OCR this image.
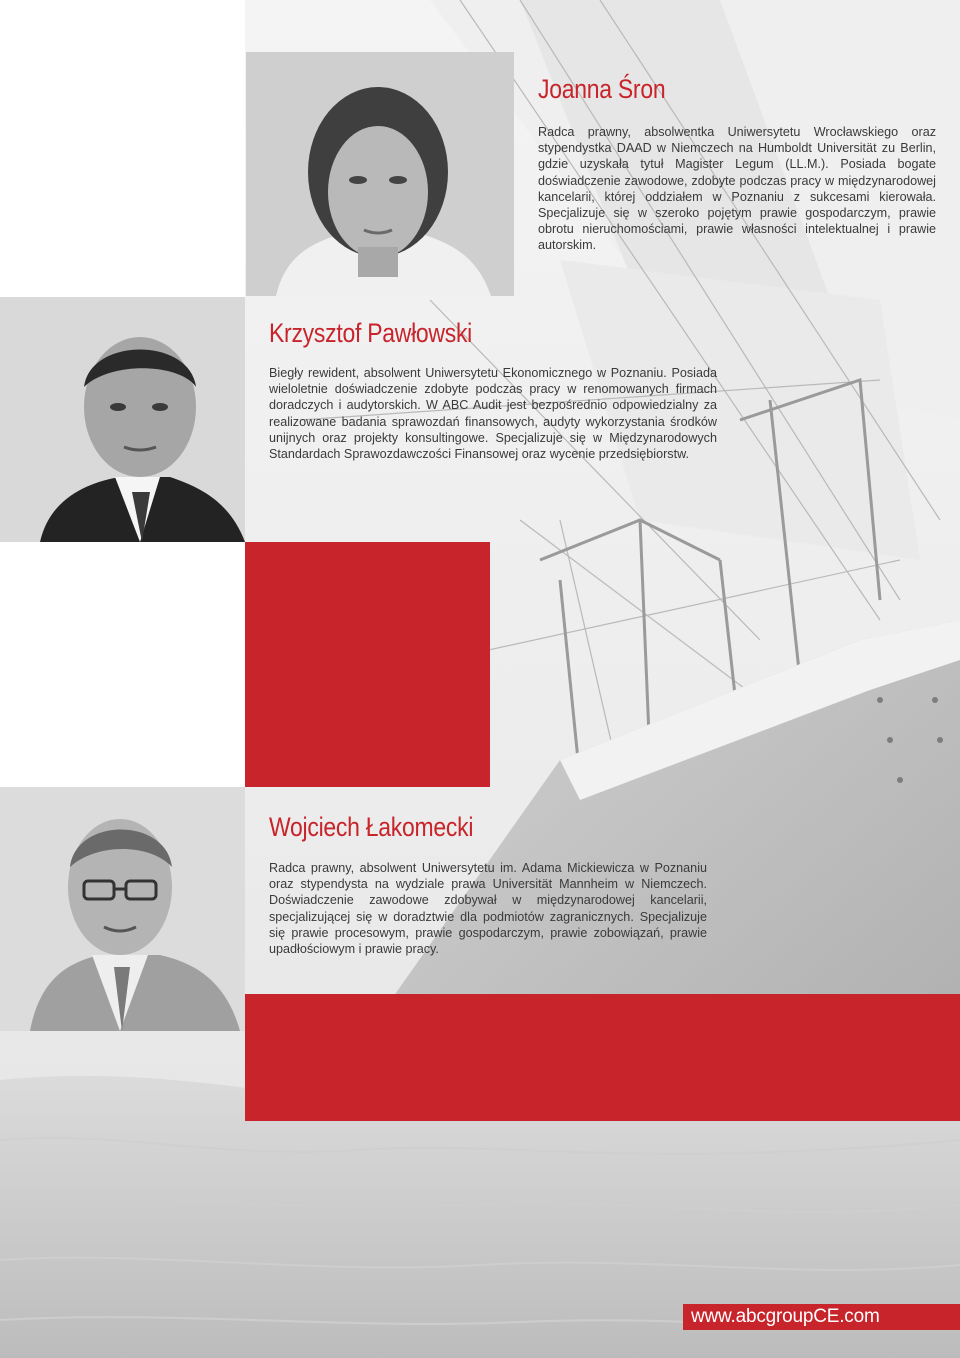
Joanna Śron
Radca prawny, absolwentka Uniwersytetu Wrocławskiego oraz stypendystka DAAD w Niemczech na Humboldt Universität zu Berlin, gdzie uzyskała tytuł Magister Legum (LL.M.). Posiada bogate doświadczenie zawodowe, zdobyte podczas pracy w międzynarodowej kancelarii, której oddziałem w Poznaniu z sukcesami kierowała. Specjalizuje się w szeroko pojętym prawie gospodarczym, prawie obrotu nieruchomościami, prawie własności intelektualnej i prawie autorskim.
Krzysztof Pawłowski
Biegły rewident, absolwent Uniwersytetu Ekonomicznego w Poznaniu. Posiada wieloletnie doświadczenie zdobyte podczas pracy w renomowanych firmach doradczych i audytorskich. W ABC Audit jest bezpośrednio odpowiedzialny za realizowane badania sprawozdań finansowych, audyty wykorzystania środków unijnych oraz projekty konsultingowe. Specjalizuje się w Międzynarodowych Standardach Sprawozdawczości Finansowej oraz wycenie przedsiębiorstw.
Wojciech Łakomecki
Radca prawny, absolwent Uniwersytetu im. Adama Mickiewicza w Poznaniu oraz stypendysta na wydziale prawa Universität Mannheim w Niemczech. Doświadczenie zawodowe zdobywał w międzynarodowej kancelarii, specjalizującej się w doradztwie dla podmiotów zagranicznych. Specjalizuje się prawie procesowym, prawie gospodarczym, prawie zobowiązań, prawie upadłościowym i prawie pracy.
www.abcgroupCE.com
